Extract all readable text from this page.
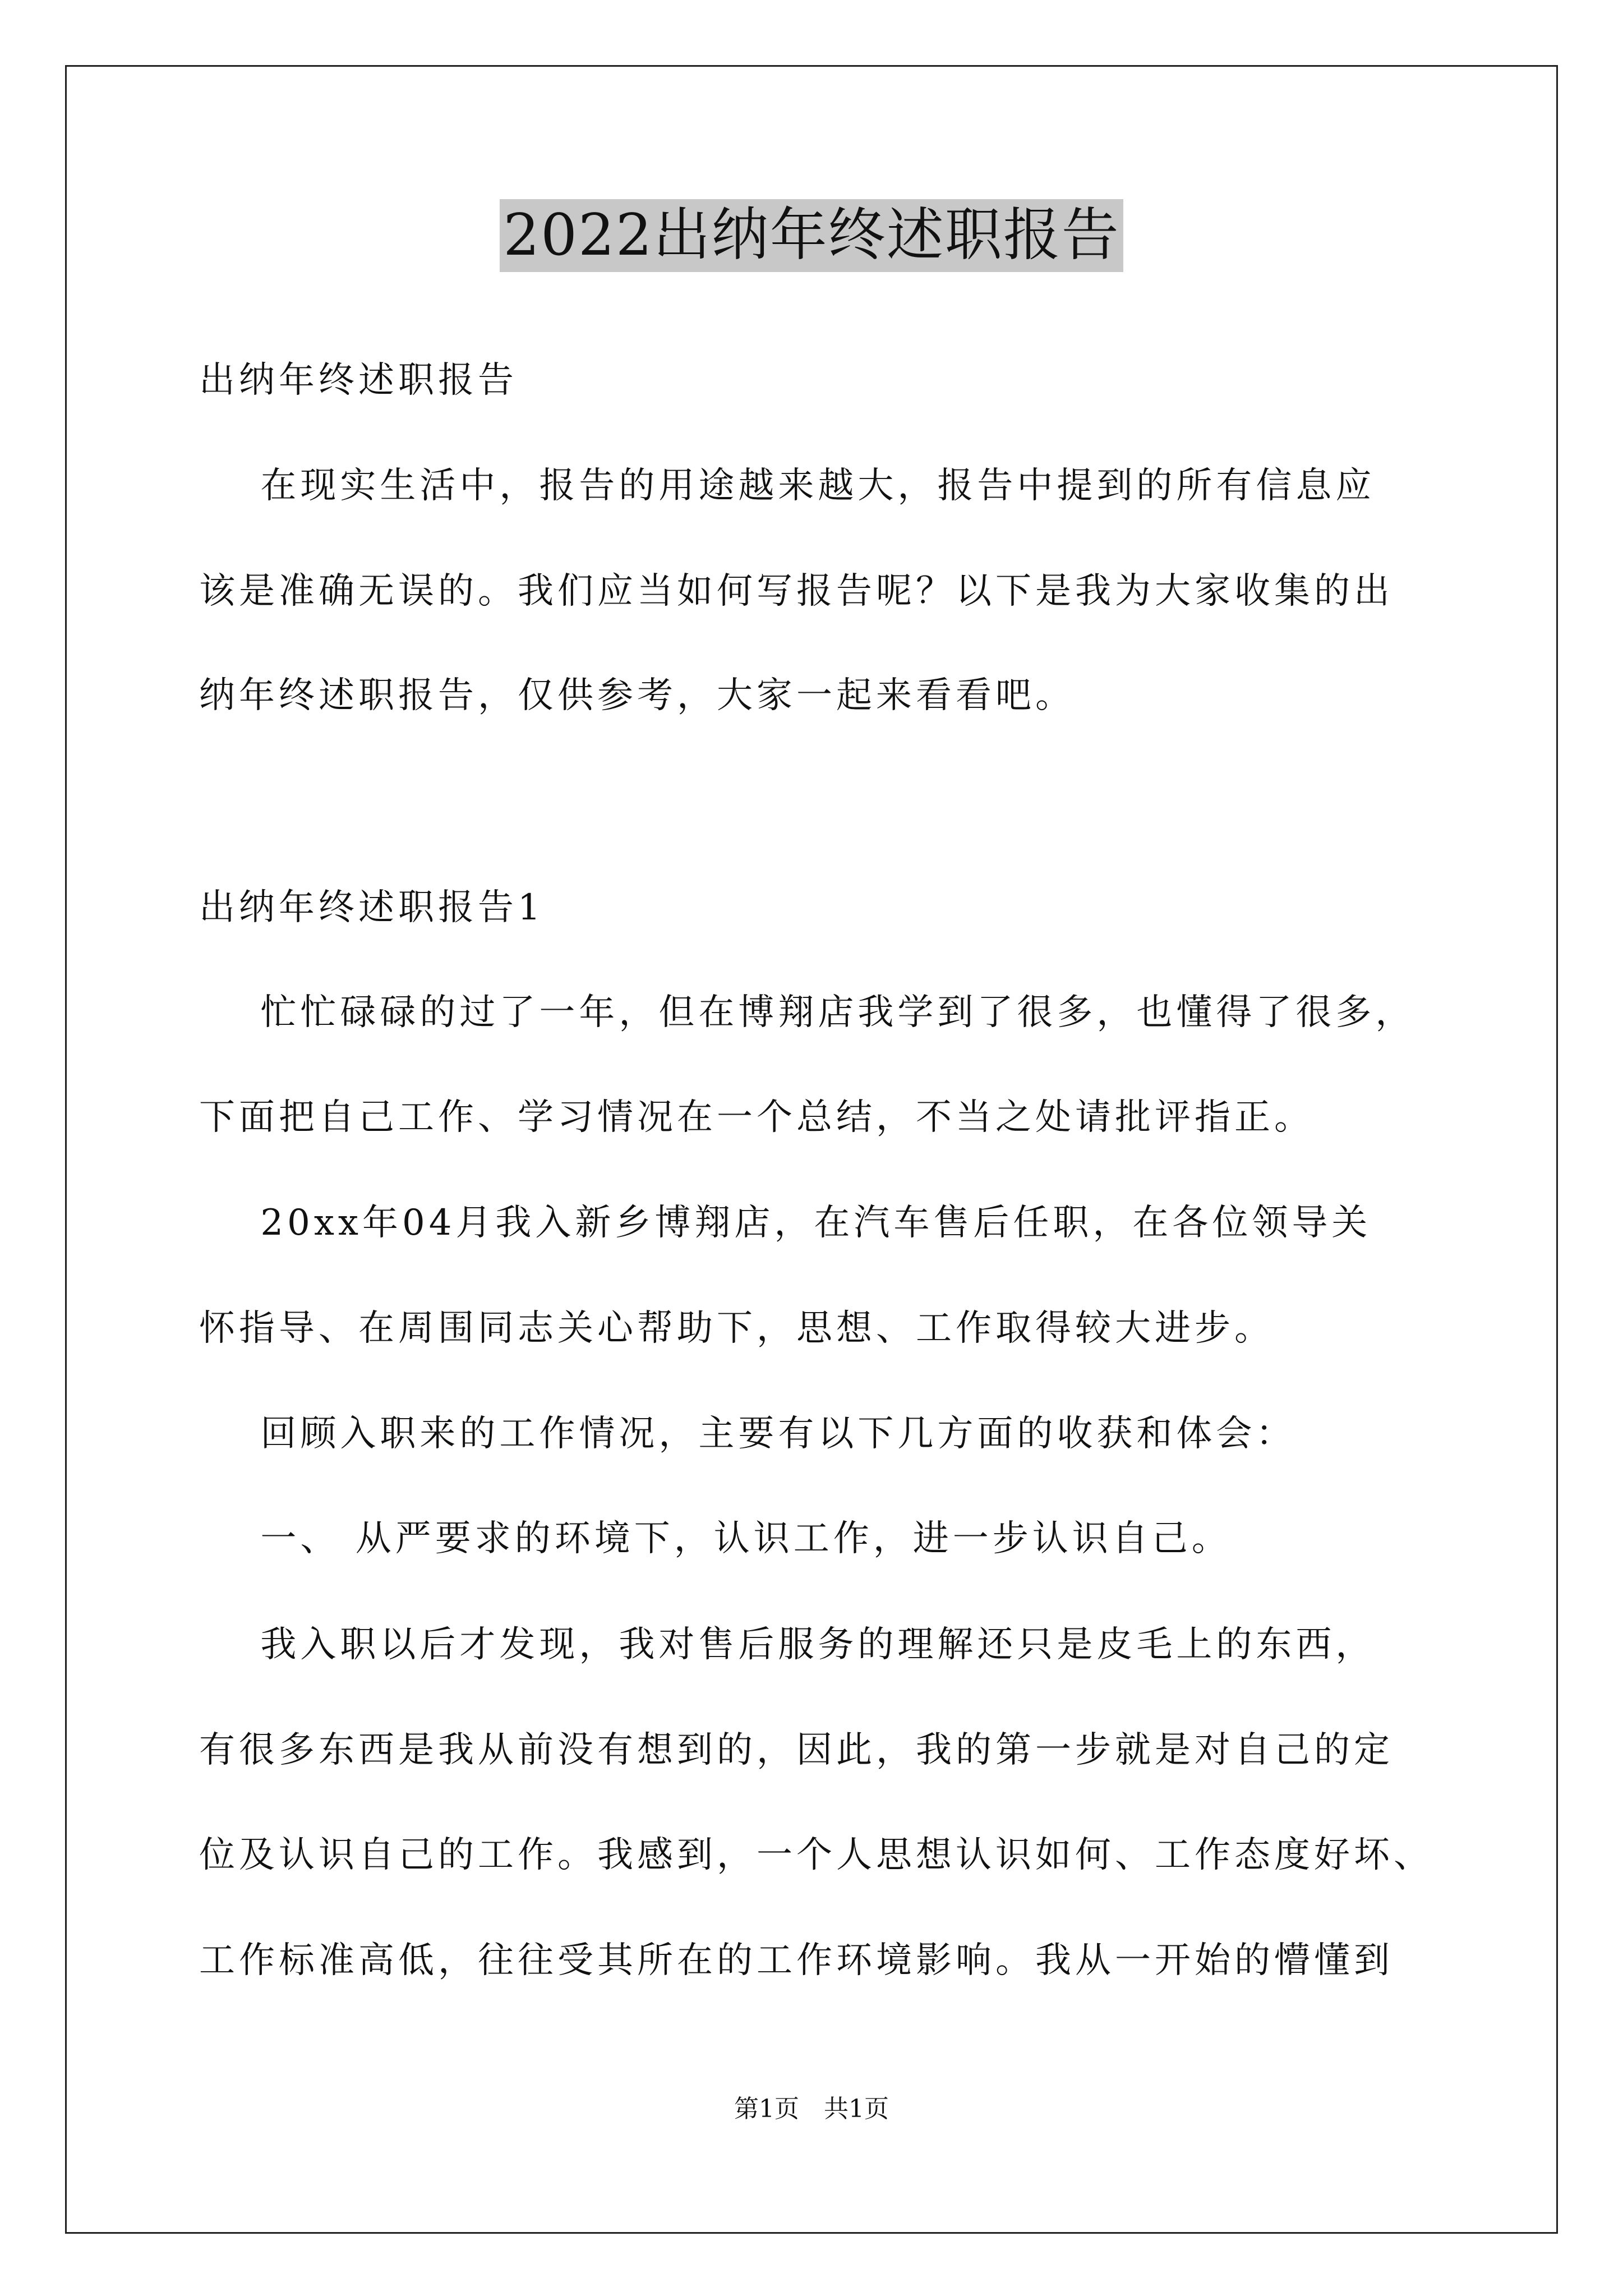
2022出纳年终述职报告
出纳年终述职报告
在现实生活中，报告的用途越来越大，报告中提到的所有信息应
该是准确无误的。我们应当如何写报告呢？以下是我为大家收集的出
纳年终述职报告，仅供参考，大家一起来看看吧。
出纳年终述职报告1
忙忙碌碌的过了一年，但在博翔店我学到了很多，也懂得了很多，
下面把自己工作、学习情况在一个总结，不当之处请批评指正。
20xx年04月我入新乡博翔店，在汽车售后任职，在各位领导关
怀指导、在周围同志关心帮助下，思想、工作取得较大进步。
回顾入职来的工作情况，主要有以下几方面的收获和体会：
一、 从严要求的环境下，认识工作，进一步认识自己。
我入职以后才发现，我对售后服务的理解还只是皮毛上的东西，
有很多东西是我从前没有想到的，因此，我的第一步就是对自己的定
位及认识自己的工作。我感到，一个人思想认识如何、工作态度好坏、
工作标准高低，往往受其所在的工作环境影响。我从一开始的懵懂到
第1页　共1页
